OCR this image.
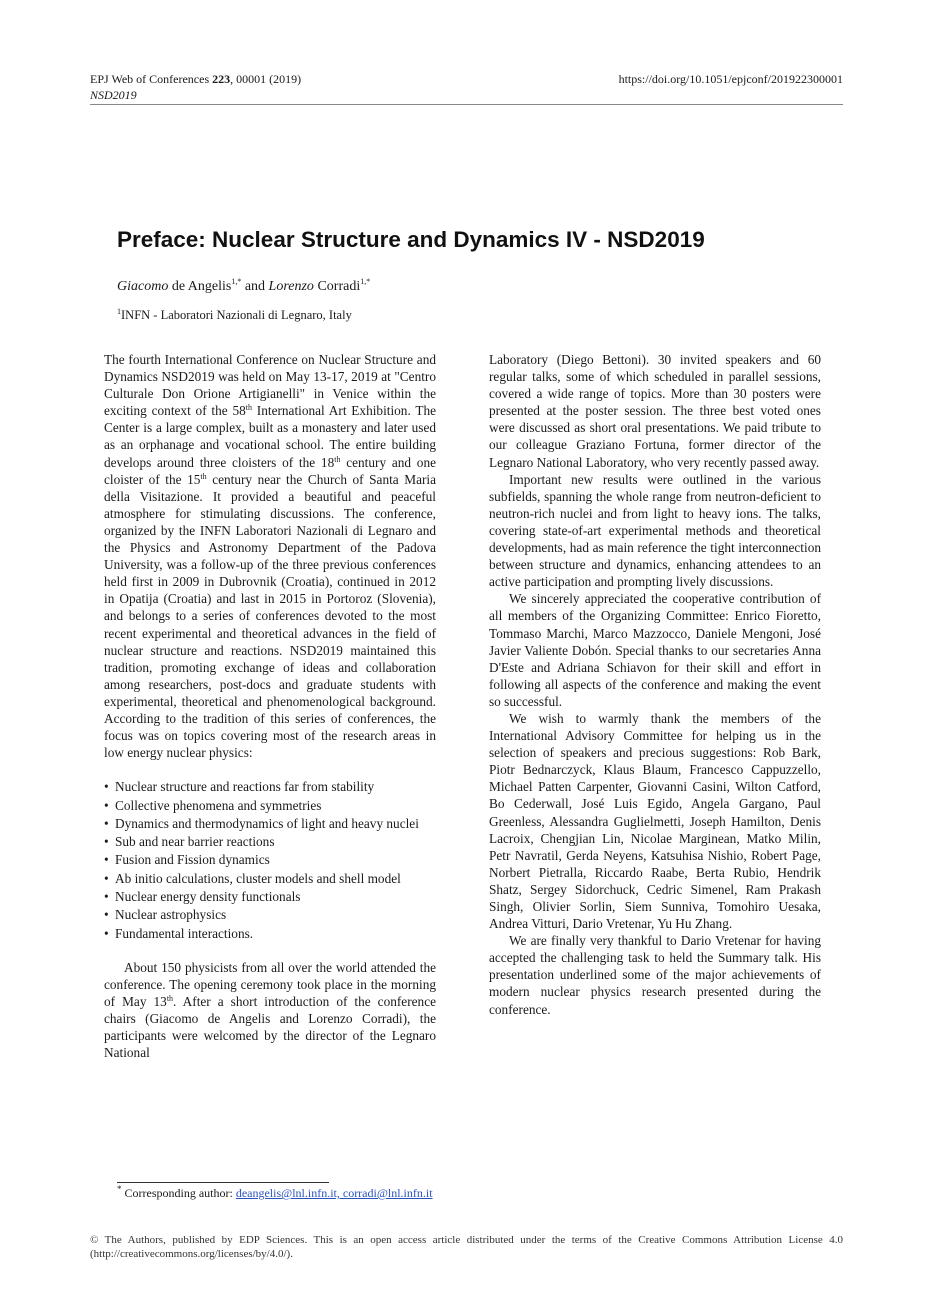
EPJ Web of Conferences 223, 00001 (2019)	https://doi.org/10.1051/epjconf/201922300001
NSD2019
Preface: Nuclear Structure and Dynamics IV - NSD2019
Giacomo de Angelis$^{1,*}$ and Lorenzo Corradi$^{1,*}$
$^1$INFN - Laboratori Nazionali di Legnaro, Italy

The fourth International Conference on Nuclear Structure and Dynamics NSD2019 was held on May 13-17, 2019 at "Centro Culturale Don Orione Artigianelli" in Venice within the exciting context of the 58th International Art Exhibition. The Center is a large complex, built as a monastery and later used as an orphanage and vocational school. The entire building develops around three cloisters of the 18th century and one cloister of the 15th century near the Church of Santa Maria della Visitazione. It provided a beautiful and peaceful atmosphere for stimulating discussions. The conference, organized by the INFN Laboratori Nazionali di Legnaro and the Physics and Astronomy Department of the Padova University, was a follow-up of the three previous conferences held first in 2009 in Dubrovnik (Croatia), continued in 2012 in Opatija (Croatia) and last in 2015 in Portoroz (Slovenia), and belongs to a series of conferences devoted to the most recent experimental and theoretical advances in the field of nuclear structure and reactions. NSD2019 maintained this tradition, promoting exchange of ideas and collaboration among researchers, post-docs and graduate students with experimental, theoretical and phenomenological background. According to the tradition of this series of conferences, the focus was on topics covering most of the research areas in low energy nuclear physics:

• Nuclear structure and reactions far from stability
• Collective phenomena and symmetries
• Dynamics and thermodynamics of light and heavy nuclei
• Sub and near barrier reactions
• Fusion and Fission dynamics
• Ab initio calculations, cluster models and shell model
• Nuclear energy density functionals
• Nuclear astrophysics
• Fundamental interactions.

About 150 physicists from all over the world attended the conference. The opening ceremony took place in the morning of May 13th. After a short introduction of the conference chairs (Giacomo de Angelis and Lorenzo Corradi), the participants were welcomed by the director of the Legnaro National

Laboratory (Diego Bettoni). 30 invited speakers and 60 regular talks, some of which scheduled in parallel sessions, covered a wide range of topics. More than 30 posters were presented at the poster session. The three best voted ones were discussed as short oral presentations. We paid tribute to our colleague Graziano Fortuna, former director of the Legnaro National Laboratory, who very recently passed away.

Important new results were outlined in the various subfields, spanning the whole range from neutron-deficient to neutron-rich nuclei and from light to heavy ions. The talks, covering state-of-art experimental methods and theoretical developments, had as main reference the tight interconnection between structure and dynamics, enhancing attendees to an active participation and prompting lively discussions.

We sincerely appreciated the cooperative contribution of all members of the Organizing Committee: Enrico Fioretto, Tommaso Marchi, Marco Mazzocco, Daniele Mengoni, José Javier Valiente Dobón. Special thanks to our secretaries Anna D'Este and Adriana Schiavon for their skill and effort in following all aspects of the conference and making the event so successful.

We wish to warmly thank the members of the International Advisory Committee for helping us in the selection of speakers and precious suggestions: Rob Bark, Piotr Bednarczyck, Klaus Blaum, Francesco Cappuzzello, Michael Patten Carpenter, Giovanni Casini, Wilton Catford, Bo Cederwall, José Luis Egido, Angela Gargano, Paul Greenless, Alessandra Guglielmetti, Joseph Hamilton, Denis Lacroix, Chengjian Lin, Nicolae Marginean, Matko Milin, Petr Navratil, Gerda Neyens, Katsuhisa Nishio, Robert Page, Norbert Pietralla, Riccardo Raabe, Berta Rubio, Hendrik Shatz, Sergey Sidorchuck, Cedric Simenel, Ram Prakash Singh, Olivier Sorlin, Siem Sunniva, Tomohiro Uesaka, Andrea Vitturi, Dario Vretenar, Yu Hu Zhang.

We are finally very thankful to Dario Vretenar for having accepted the challenging task to held the Summary talk. His presentation underlined some of the major achievements of modern nuclear physics research presented during the conference.

* Corresponding author: deangelis@lnl.infn.it, corradi@lnl.infn.it
© The Authors, published by EDP Sciences. This is an open access article distributed under the terms of the Creative Commons Attribution License 4.0 (http://creativecommons.org/licenses/by/4.0/).
